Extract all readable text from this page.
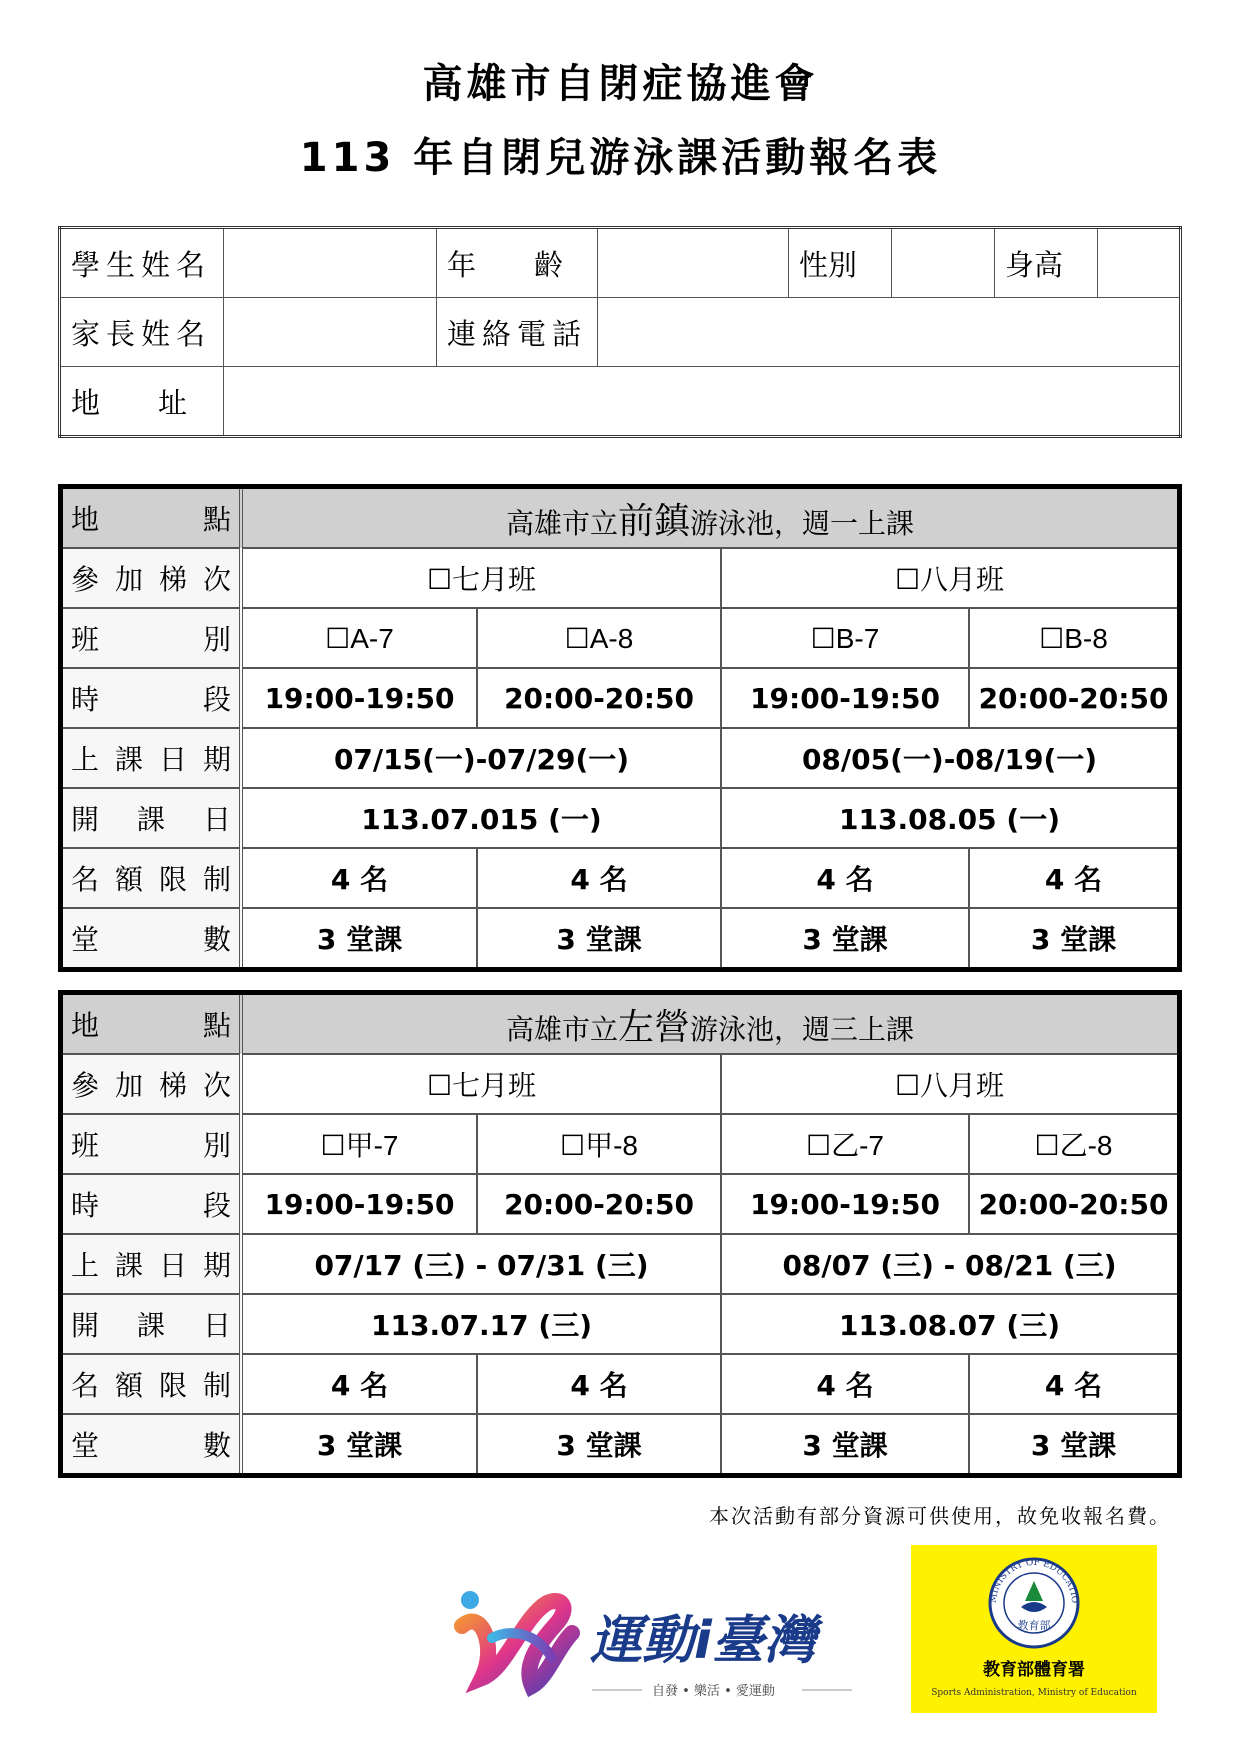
高雄市自閉症協進會
113 年自閉兒游泳課活動報名表
學生姓名		年　　齡		性別		身高	
家長姓名		連絡電話					
地　　址							
地點	高雄市立前鎮游泳池，週一上課			
參加梯次	☐七月班		☐八月班	
班別	☐A-7	☐A-8	☐B-7	☐B-8
時段	19:00-19:50	20:00-20:50	19:00-19:50	20:00-20:50
上課日期	07/15(一)-07/29(一)		08/05(一)-08/19(一)	
開課日	113.07.015 (一)		113.08.05 (一)	
名額限制	4 名	4 名	4 名	4 名
堂數	3 堂課	3 堂課	3 堂課	3 堂課
地點	高雄市立左營游泳池，週三上課			
參加梯次	☐七月班		☐八月班	
班別	☐甲-7	☐甲-8	☐乙-7	☐乙-8
時段	19:00-19:50	20:00-20:50	19:00-19:50	20:00-20:50
上課日期	07/17 (三) - 07/31 (三)		08/07 (三) - 08/21 (三)	
開課日	113.07.17 (三)		113.08.07 (三)	
名額限制	4 名	4 名	4 名	4 名
堂數	3 堂課	3 堂課	3 堂課	3 堂課
本次活動有部分資源可供使用，故免收報名費。
運動i臺灣
自發 • 樂活 • 愛運動
MINISTRY OF EDUCATIO
教育部
教育部體育署
Sports Administration, Ministry of Education
